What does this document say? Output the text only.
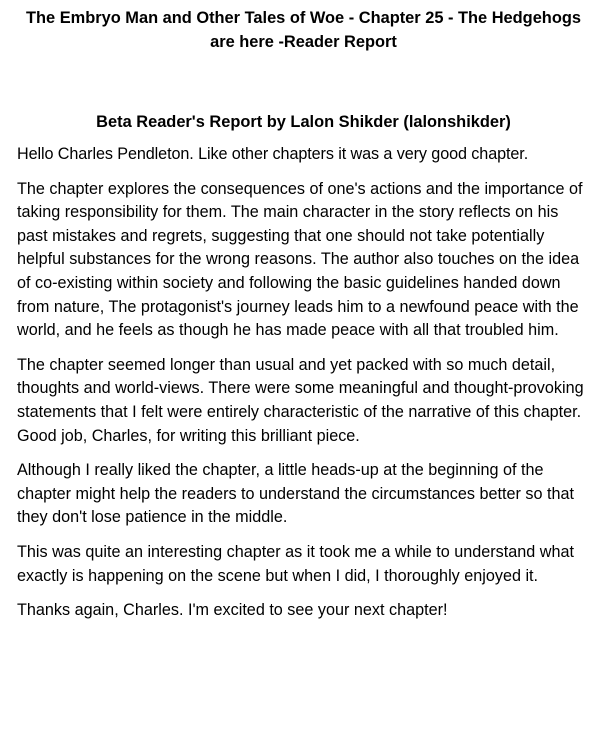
The Embryo Man and Other Tales of Woe - Chapter 25 - The Hedgehogs are here -Reader Report
Beta Reader's Report by Lalon Shikder (lalonshikder)

Hello Charles Pendleton. Like other chapters it was a very good chapter.

The chapter explores the consequences of one's actions and the importance of taking responsibility for them. The main character in the story reflects on his past mistakes and regrets, suggesting that one should not take potentially helpful substances for the wrong reasons. The author also touches on the idea of co-existing within society and following the basic guidelines handed down from nature, The protagonist's journey leads him to a newfound peace with the world, and he feels as though he has made peace with all that troubled him.

The chapter seemed longer than usual and yet packed with so much detail, thoughts and world-views. There were some meaningful and thought-provoking statements that I felt were entirely characteristic of the narrative of this chapter. Good job, Charles, for writing this brilliant piece.

Although I really liked the chapter, a little heads-up at the beginning of the chapter might help the readers to understand the circumstances better so that they don't lose patience in the middle.

This was quite an interesting chapter as it took me a while to understand what exactly is happening on the scene but when I did, I thoroughly enjoyed it.

Thanks again, Charles. I'm excited to see your next chapter!
